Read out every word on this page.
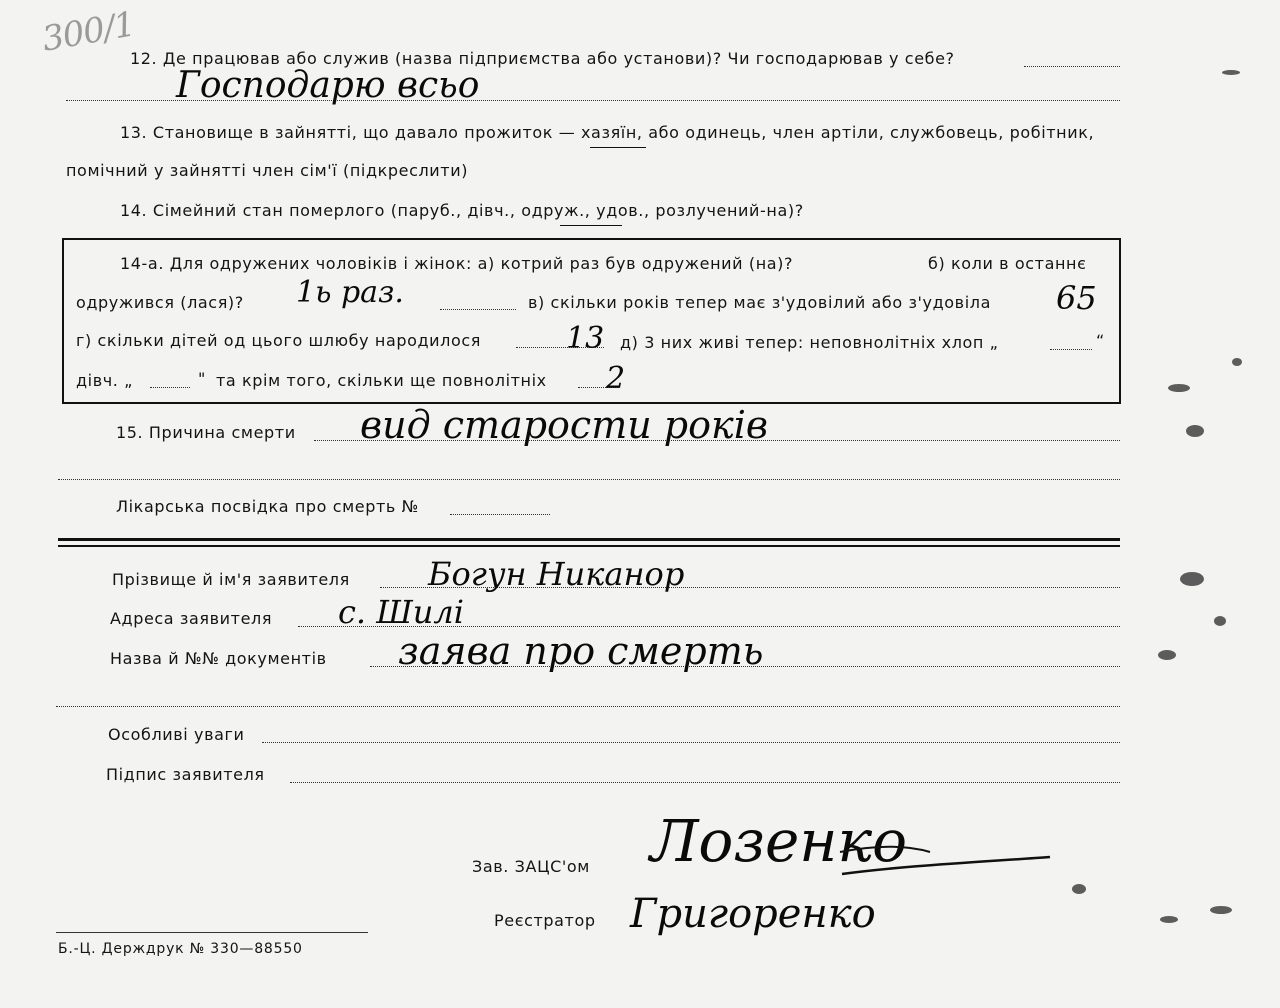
300/1
12. Де працював або служив (назва підприємства або установи)? Чи господарював у себе?
Господарю всьо
13. Становище в зайнятті, що давало прожиток — хазяїн, або одинець, член артіли, службовець, робітник,
помічний у зайнятті член сім'ї (підкреслити)
14. Сімейний стан померлого (паруб., дівч., одруж., удов., розлучений-на)?
14-а. Для одружених чоловіків і жінок: а) котрий раз був одружений (на)?	б) коли в останнє
одружився (лася)? 1ь раз.	в) скільки років тепер має з'удовілий або з'удовіла 65
г) скільки дітей од цього шлюбу народилося	13 д) 3 них живі тепер: неповнолітніх хлоп „	“
дівч. „	" та крім того, скільки ще повнолітніх 2
15. Причина смерти вид старости років
Лікарська посвідка про смерть №
Прізвище й ім'я заявителя Богун Никанор
Адреса заявителя с. Шилі
Назва й №№ документів заява про смерть
Особливі уваги
Підпис заявителя
Зав. ЗАЦС'ом Лозенко
Реєстратор Григоренко
Б.-Ц. Держдрук № 330—88550
